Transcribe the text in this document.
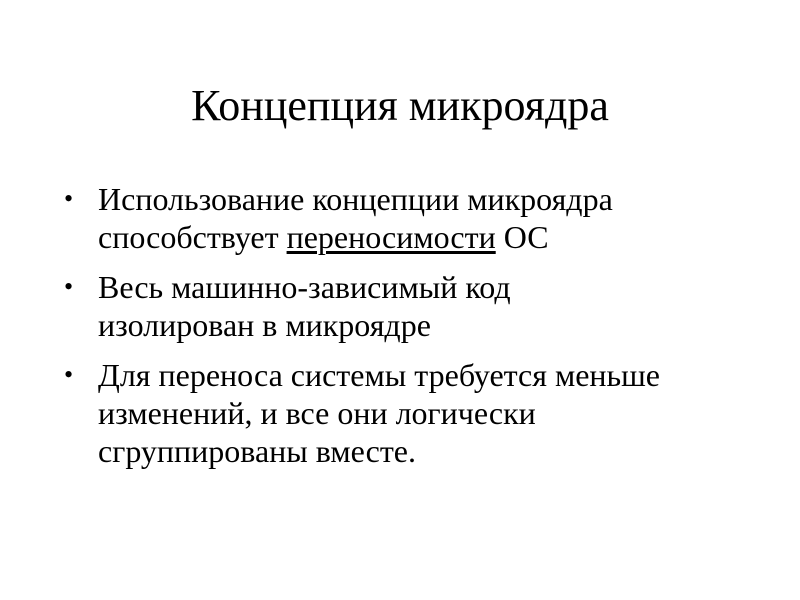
Концепция микроядра
• Использование концепции микроядра
способствует переносимости ОС
• Весь машинно-зависимый код
изолирован в микроядре
• Для переноса системы требуется меньше
изменений, и все они логически
сгруппированы вместе.
